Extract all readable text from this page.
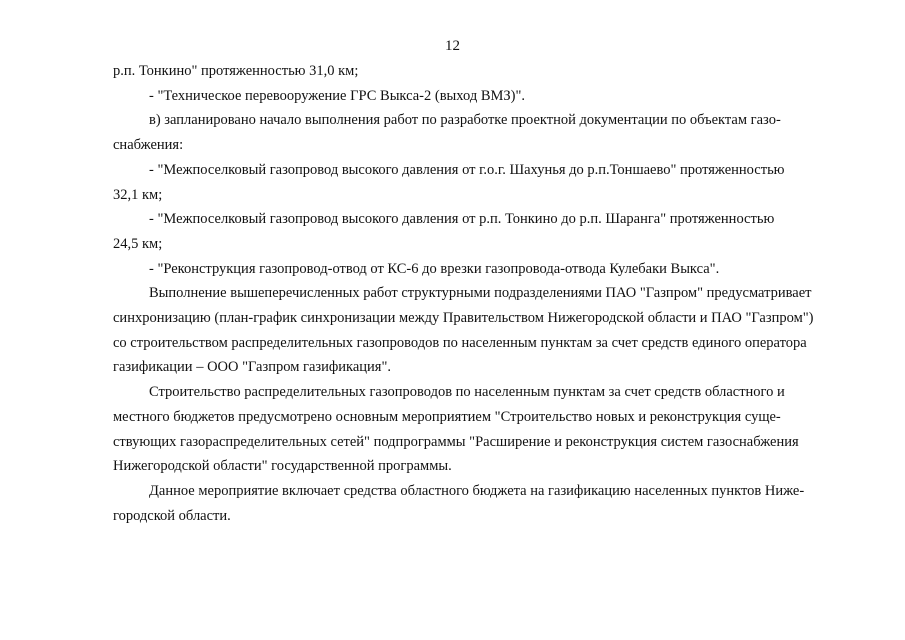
12

р.п. Тонкино" протяженностью 31,0 км;

- "Техническое перевооружение ГРС Выкса-2 (выход ВМЗ)".

в) запланировано начало выполнения работ по разработке проектной документации по объектам газо-
снабжения:

- "Межпоселковый газопровод высокого давления от г.о.г. Шахунья до р.п.Тоншаево" протяженностью
32,1 км;

- "Межпоселковый газопровод высокого давления от р.п. Тонкино до р.п. Шаранга" протяженностью
24,5 км;

- "Реконструкция газопровод-отвод от КС-6 до врезки газопровода-отвода Кулебаки Выкса".

Выполнение вышеперечисленных работ структурными подразделениями ПАО "Газпром" предусматривает
синхронизацию (план-график синхронизации между Правительством Нижегородской области и ПАО "Газпром")
со строительством распределительных газопроводов по населенным пунктам за счет средств единого оператора
газификации – ООО "Газпром газификация".

Строительство распределительных газопроводов по населенным пунктам за счет средств областного и
местного бюджетов предусмотрено основным мероприятием "Строительство новых и реконструкция суще-
ствующих газораспределительных сетей" подпрограммы "Расширение и реконструкция систем газоснабжения
Нижегородской области" государственной программы.

Данное мероприятие включает средства областного бюджета на газификацию населенных пунктов Ниже-
городской области.
